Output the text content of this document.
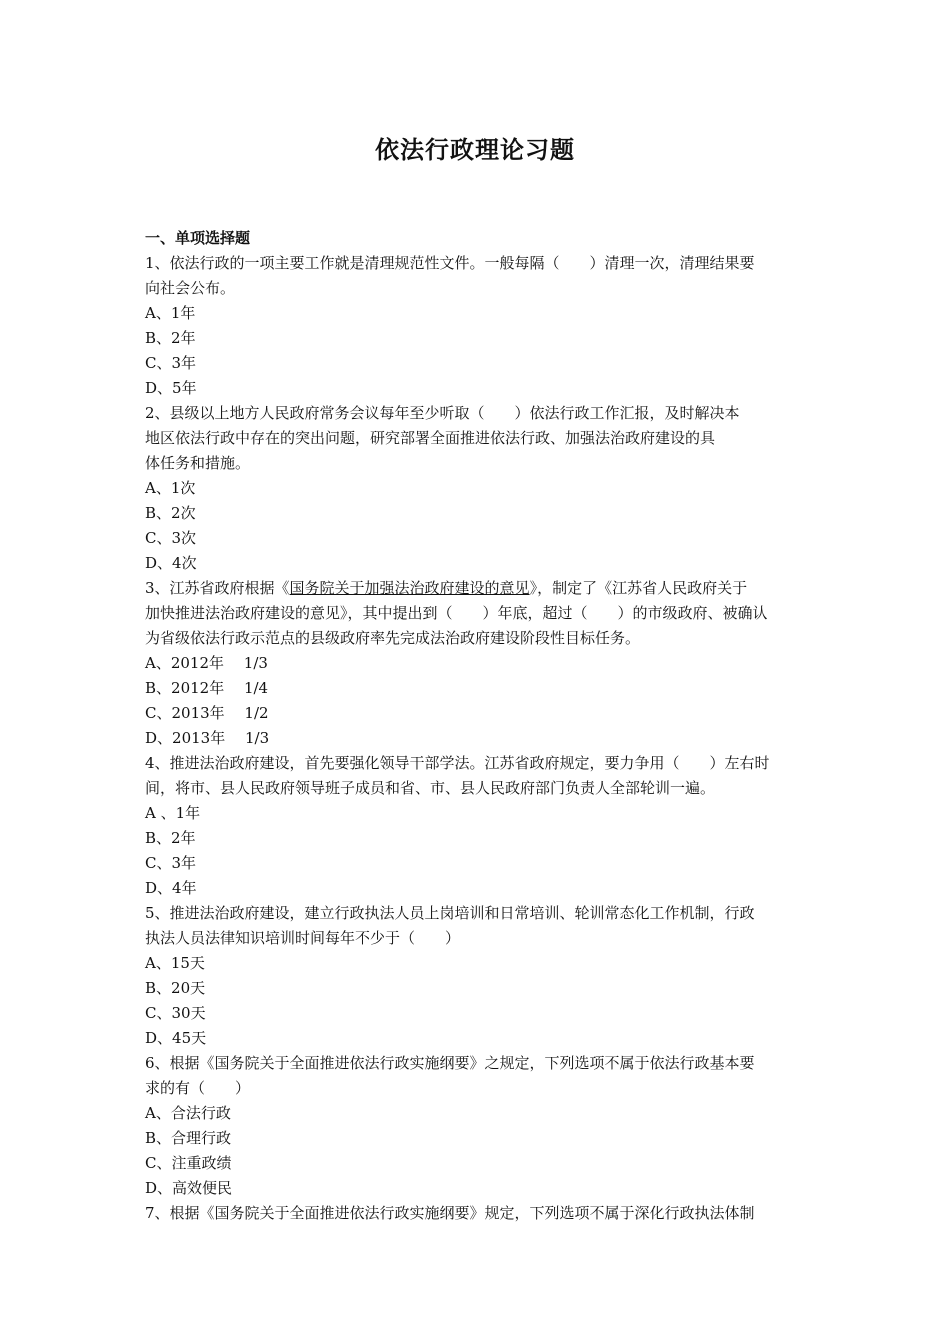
依法行政理论习题
一、单项选择题
1、依法行政的一项主要工作就是清理规范性文件。一般每隔（　　）清理一次，清理结果要
向社会公布。
A、1年
B、2年
C、3年
D、5年
2、县级以上地方人民政府常务会议每年至少听取（　　）依法行政工作汇报，及时解决本
地区依法行政中存在的突出问题，研究部署全面推进依法行政、加强法治政府建设的具
体任务和措施。
A、1次
B、2次
C、3次
D、4次
3、江苏省政府根据《国务院关于加强法治政府建设的意见》，制定了《江苏省人民政府关于
加快推进法治政府建设的意见》，其中提出到（　　）年底，超过（　　）的市级政府、被确认
为省级依法行政示范点的县级政府率先完成法治政府建设阶段性目标任务。
A、2012年　 1/3
B、2012年　 1/4
C、2013年　 1/2
D、2013年　 1/3
4、推进法治政府建设，首先要强化领导干部学法。江苏省政府规定，要力争用（　　）左右时
间，将市、县人民政府领导班子成员和省、市、县人民政府部门负责人全部轮训一遍。
A 、1年
B、2年
C、3年
D、4年
5、推进法治政府建设，建立行政执法人员上岗培训和日常培训、轮训常态化工作机制，行政
执法人员法律知识培训时间每年不少于（　　）
A、15天
B、20天
C、30天
D、45天
6、根据《国务院关于全面推进依法行政实施纲要》之规定，下列选项不属于依法行政基本要
求的有（　　）
A、合法行政
B、合理行政
C、注重政绩
D、高效便民
7、根据《国务院关于全面推进依法行政实施纲要》规定，下列选项不属于深化行政执法体制
